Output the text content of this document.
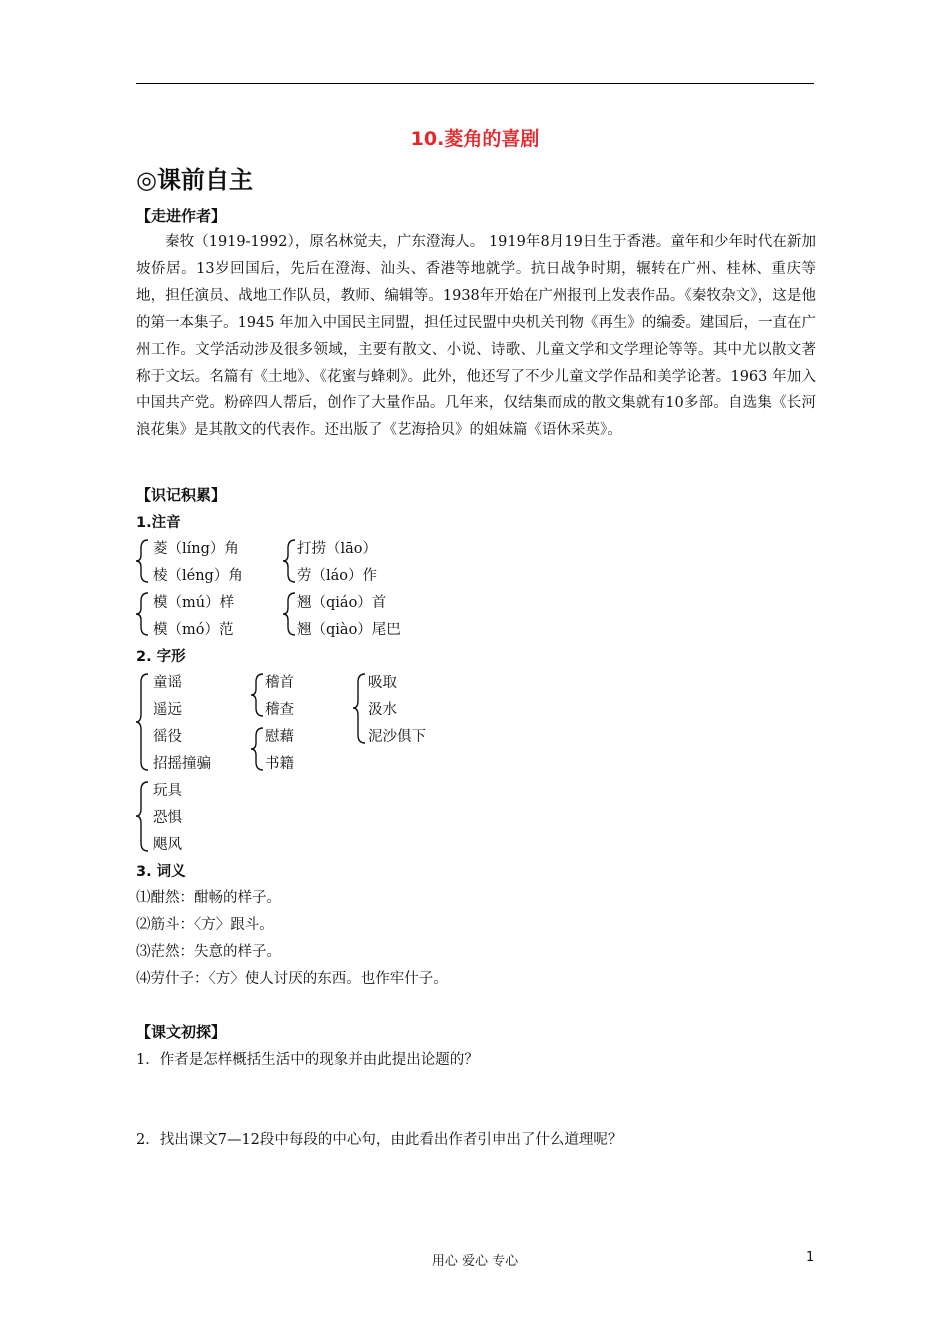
10.菱角的喜剧
◎课前自主
【走进作者】

秦牧（1919-1992），原名林觉夫，广东澄海人。 1919年8月19日生于香港。童年和少年时代在新加坡侨居。13岁回国后，先后在澄海、汕头、香港等地就学。抗日战争时期，辗转在广州、桂林、重庆等地，担任演员、战地工作队员，教师、编辑等。1938年开始在广州报刊上发表作品。《秦牧杂文》，这是他的第一本集子。1945 年加入中国民主同盟，担任过民盟中央机关刊物《再生》的编委。建国后，一直在广州工作。文学活动涉及很多领域，主要有散文、小说、诗歌、儿童文学和文学理论等等。其中尤以散文著称于文坛。名篇有《土地》、《花蜜与蜂刺》。此外，他还写了不少儿童文学作品和美学论著。1963 年加入中国共产党。粉碎四人帮后，创作了大量作品。几年来，仅结集而成的散文集就有10多部。自选集《长河浪花集》是其散文的代表作。还出版了《艺海拾贝》的姐妹篇《语休采英》。

【识记积累】
1.注音
菱（líng）角
棱（léng）角
打捞（lāo）
劳（láo）作
模（mú）样
模（mó）范
翘（qiáo）首
翘（qiào）尾巴
2. 字形
童谣
遥远
徭役
招摇撞骗
稽首
稽查
慰藉
书籍
吸取
汲水
泥沙俱下
玩具
恐惧
飓风
3. 词义
⑴酣然：酣畅的样子。
⑵筋斗：〈方〉跟斗。
⑶茫然：失意的样子。
⑷劳什子：〈方〉使人讨厌的东西。也作牢什子。
【课文初探】
1．作者是怎样概括生活中的现象并由此提出论题的？
2．找出课文7—12段中每段的中心句，由此看出作者引申出了什么道理呢？
用心 爱心 专心	1
